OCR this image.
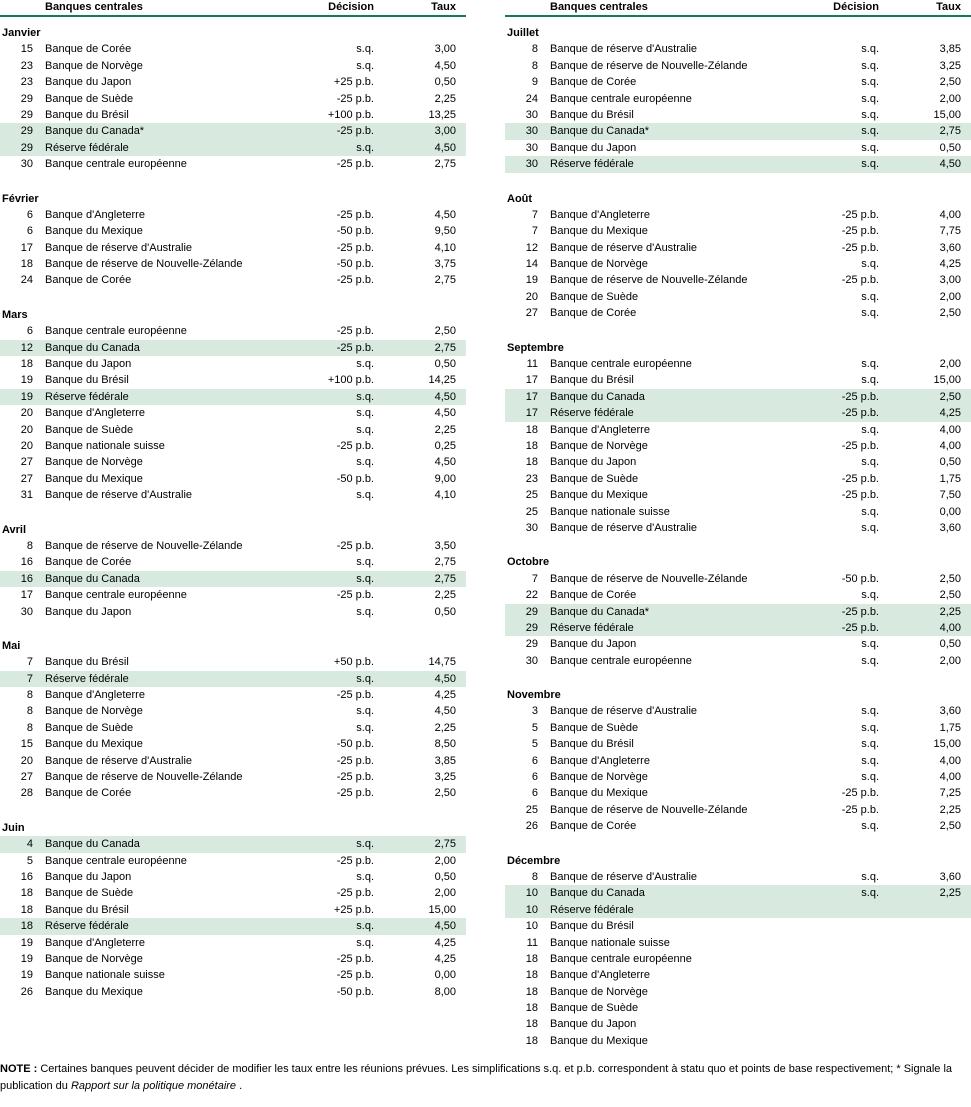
Banques centrales	Décision	Taux
Janvier
15	Banque de Corée	s.q.	3,00
23	Banque de Norvège	s.q.	4,50
23	Banque du Japon	+25 p.b.	0,50
29	Banque de Suède	-25 p.b.	2,25
29	Banque du Brésil	+100 p.b.	13,25
29	Banque du Canada*	-25 p.b.	3,00
29	Réserve fédérale	s.q.	4,50
30	Banque centrale européenne	-25 p.b.	2,75
Février
6	Banque d'Angleterre	-25 p.b.	4,50
6	Banque du Mexique	-50 p.b.	9,50
17	Banque de réserve d'Australie	-25 p.b.	4,10
18	Banque de réserve de Nouvelle-Zélande	-50 p.b.	3,75
24	Banque de Corée	-25 p.b.	2,75
Mars
6	Banque centrale européenne	-25 p.b.	2,50
12	Banque du Canada	-25 p.b.	2,75
18	Banque du Japon	s.q.	0,50
19	Banque du Brésil	+100 p.b.	14,25
19	Réserve fédérale	s.q.	4,50
20	Banque d'Angleterre	s.q.	4,50
20	Banque de Suède	s.q.	2,25
20	Banque nationale suisse	-25 p.b.	0,25
27	Banque de Norvège	s.q.	4,50
27	Banque du Mexique	-50 p.b.	9,00
31	Banque de réserve d'Australie	s.q.	4,10
Avril
8	Banque de réserve de Nouvelle-Zélande	-25 p.b.	3,50
16	Banque de Corée	s.q.	2,75
16	Banque du Canada	s.q.	2,75
17	Banque centrale européenne	-25 p.b.	2,25
30	Banque du Japon	s.q.	0,50
Mai
7	Banque du Brésil	+50 p.b.	14,75
7	Réserve fédérale	s.q.	4,50
8	Banque d'Angleterre	-25 p.b.	4,25
8	Banque de Norvège	s.q.	4,50
8	Banque de Suède	s.q.	2,25
15	Banque du Mexique	-50 p.b.	8,50
20	Banque de réserve d'Australie	-25 p.b.	3,85
27	Banque de réserve de Nouvelle-Zélande	-25 p.b.	3,25
28	Banque de Corée	-25 p.b.	2,50
Juin
4	Banque du Canada	s.q.	2,75
5	Banque centrale européenne	-25 p.b.	2,00
16	Banque du Japon	s.q.	0,50
18	Banque de Suède	-25 p.b.	2,00
18	Banque du Brésil	+25 p.b.	15,00
18	Réserve fédérale	s.q.	4,50
19	Banque d'Angleterre	s.q.	4,25
19	Banque de Norvège	-25 p.b.	4,25
19	Banque nationale suisse	-25 p.b.	0,00
26	Banque du Mexique	-50 p.b.	8,00
Banques centrales	Décision	Taux
Juillet
8	Banque de réserve d'Australie	s.q.	3,85
8	Banque de réserve de Nouvelle-Zélande	s.q.	3,25
9	Banque de Corée	s.q.	2,50
24	Banque centrale européenne	s.q.	2,00
30	Banque du Brésil	s.q.	15,00
30	Banque du Canada*	s.q.	2,75
30	Banque du Japon	s.q.	0,50
30	Réserve fédérale	s.q.	4,50
Août
7	Banque d'Angleterre	-25 p.b.	4,00
7	Banque du Mexique	-25 p.b.	7,75
12	Banque de réserve d'Australie	-25 p.b.	3,60
14	Banque de Norvège	s.q.	4,25
19	Banque de réserve de Nouvelle-Zélande	-25 p.b.	3,00
20	Banque de Suède	s.q.	2,00
27	Banque de Corée	s.q.	2,50
Septembre
11	Banque centrale européenne	s.q.	2,00
17	Banque du Brésil	s.q.	15,00
17	Banque du Canada	-25 p.b.	2,50
17	Réserve fédérale	-25 p.b.	4,25
18	Banque d'Angleterre	s.q.	4,00
18	Banque de Norvège	-25 p.b.	4,00
18	Banque du Japon	s.q.	0,50
23	Banque de Suède	-25 p.b.	1,75
25	Banque du Mexique	-25 p.b.	7,50
25	Banque nationale suisse	s.q.	0,00
30	Banque de réserve d'Australie	s.q.	3,60
Octobre
7	Banque de réserve de Nouvelle-Zélande	-50 p.b.	2,50
22	Banque de Corée	s.q.	2,50
29	Banque du Canada*	-25 p.b.	2,25
29	Réserve fédérale	-25 p.b.	4,00
29	Banque du Japon	s.q.	0,50
30	Banque centrale européenne	s.q.	2,00
Novembre
3	Banque de réserve d'Australie	s.q.	3,60
5	Banque de Suède	s.q.	1,75
5	Banque du Brésil	s.q.	15,00
6	Banque d'Angleterre	s.q.	4,00
6	Banque de Norvège	s.q.	4,00
6	Banque du Mexique	-25 p.b.	7,25
25	Banque de réserve de Nouvelle-Zélande	-25 p.b.	2,25
26	Banque de Corée	s.q.	2,50
Décembre
8	Banque de réserve d'Australie	s.q.	3,60
10	Banque du Canada	s.q.	2,25
10	Réserve fédérale
10	Banque du Brésil
11	Banque nationale suisse
18	Banque centrale européenne
18	Banque d'Angleterre
18	Banque de Norvège
18	Banque de Suède
18	Banque du Japon
18	Banque du Mexique

NOTE : Certaines banques peuvent décider de modifier les taux entre les réunions prévues. Les simplifications s.q. et p.b. correspondent à statu quo et points de base respectivement; * Signale la publication du Rapport sur la politique monétaire .
